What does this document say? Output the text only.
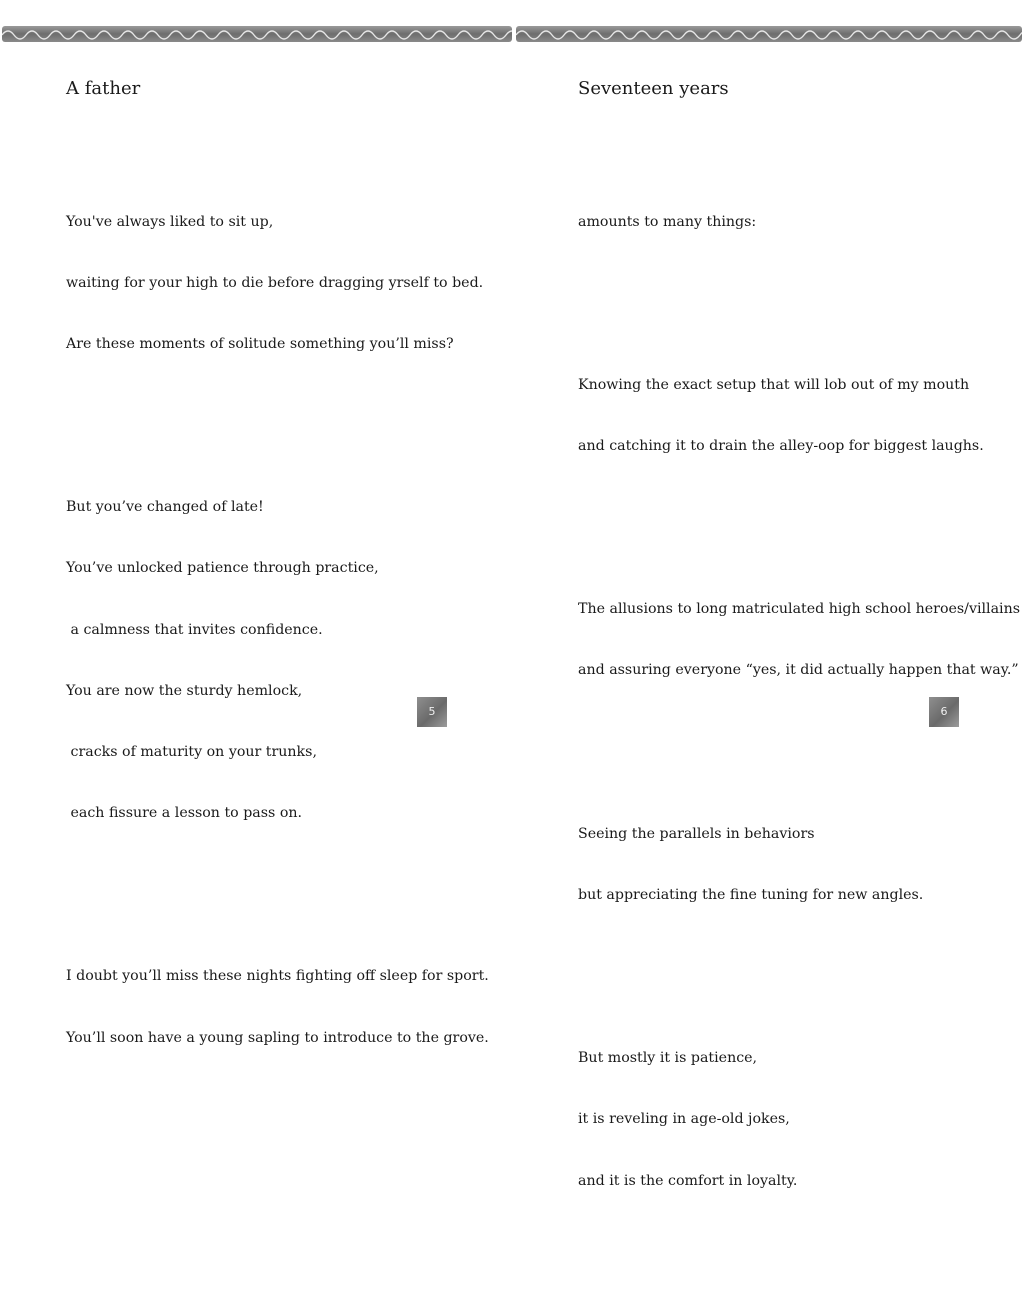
A father

You've always liked to sit up,

waiting for your high to die before dragging yrself to bed.

Are these moments of solitude something you’ll miss?

But you’ve changed of late!

You’ve unlocked patience through practice,

a calmness that invites confidence.

You are now the sturdy hemlock,

cracks of maturity on your trunks,

each fissure a lesson to pass on.

I doubt you’ll miss these nights fighting off sleep for sport.

You’ll soon have a young sapling to introduce to the grove.

5
Seventeen years

amounts to many things:

Knowing the exact setup that will lob out of my mouth

and catching it to drain the alley-oop for biggest laughs.

The allusions to long matriculated high school heroes/villains

and assuring everyone “yes, it did actually happen that way.”

Seeing the parallels in behaviors

but appreciating the fine tuning for new angles.

But mostly it is patience,

it is reveling in age-old jokes,

and it is the comfort in loyalty.

6
